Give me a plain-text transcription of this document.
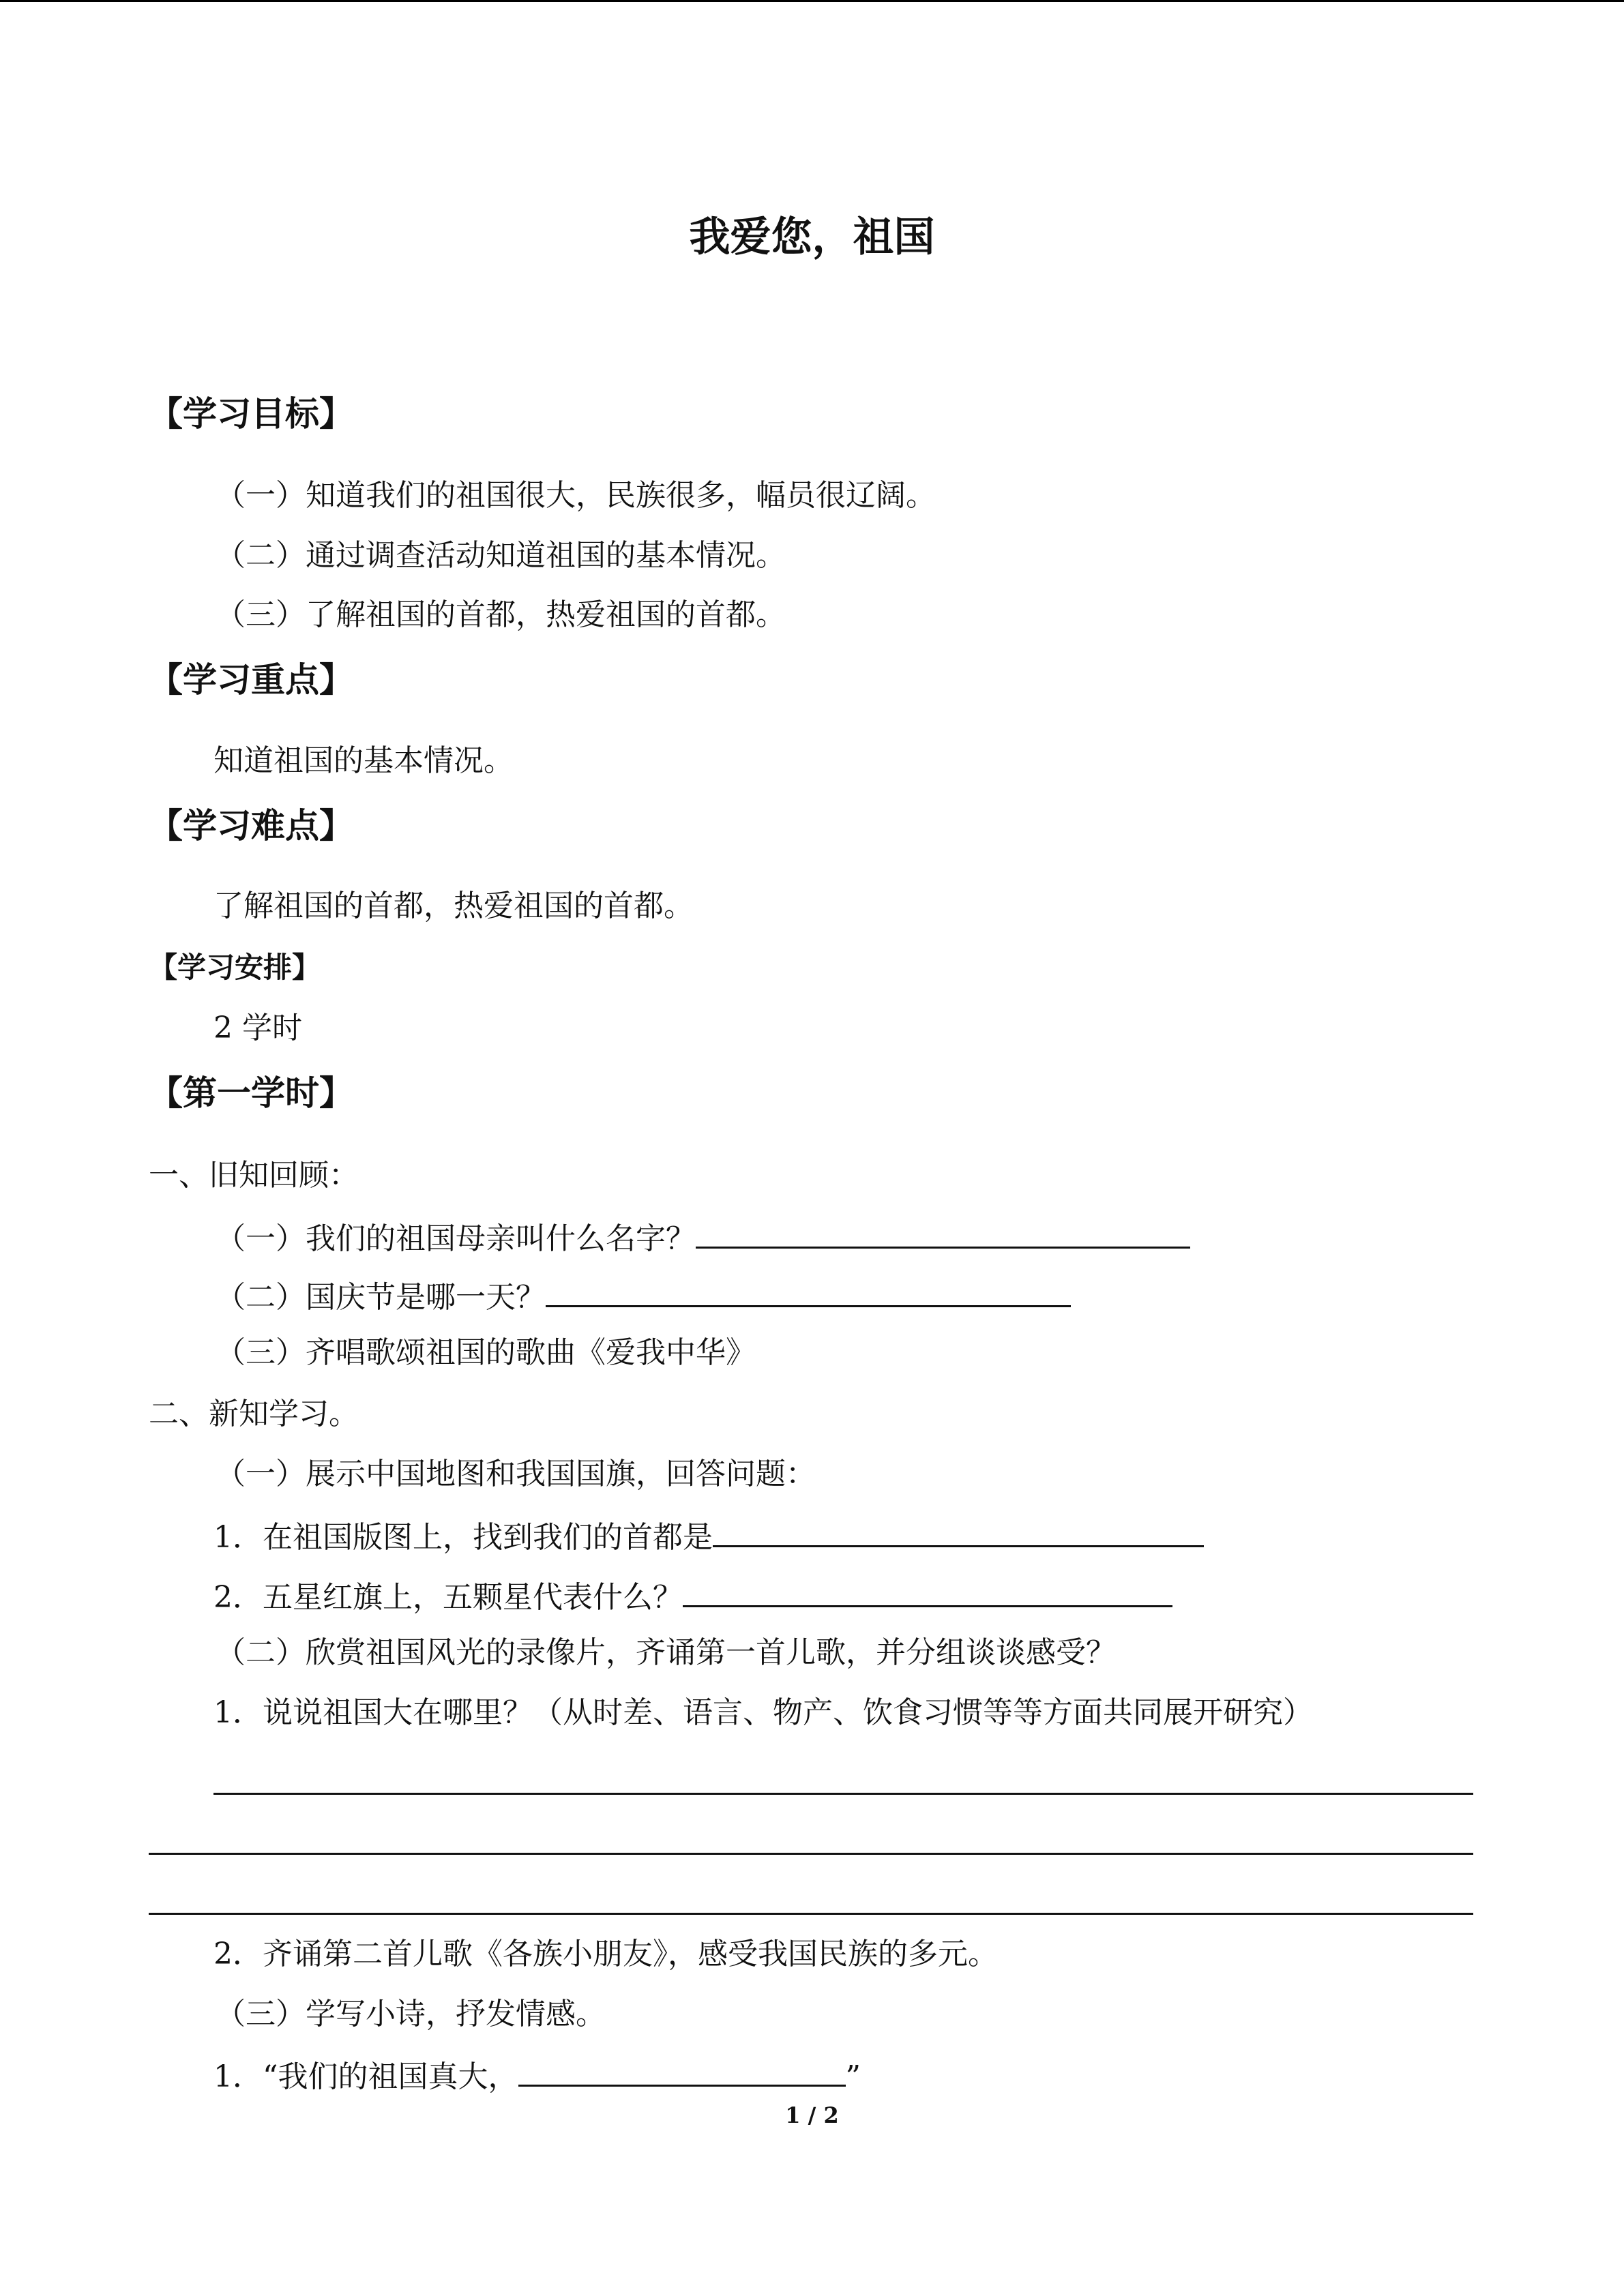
我爱您，祖国
【学习目标】
（一）知道我们的祖国很大，民族很多，幅员很辽阔。
（二）通过调查活动知道祖国的基本情况。
（三）了解祖国的首都，热爱祖国的首都。
【学习重点】
知道祖国的基本情况。
【学习难点】
了解祖国的首都，热爱祖国的首都。
【学习安排】
2 学时
【第一学时】
一、旧知回顾：
（一）我们的祖国母亲叫什么名字？
（二）国庆节是哪一天？
（三）齐唱歌颂祖国的歌曲《爱我中华》
二、新知学习。
（一）展示中国地图和我国国旗，回答问题：
1．在祖国版图上，找到我们的首都是
2．五星红旗上，五颗星代表什么？
（二）欣赏祖国风光的录像片，齐诵第一首儿歌，并分组谈谈感受？
1．说说祖国大在哪里？（从时差、语言、物产、饮食习惯等等方面共同展开研究）
2．齐诵第二首儿歌《各族小朋友》，感受我国民族的多元。
（三）学写小诗，抒发情感。
1．“我们的祖国真大，	”
1 / 2
